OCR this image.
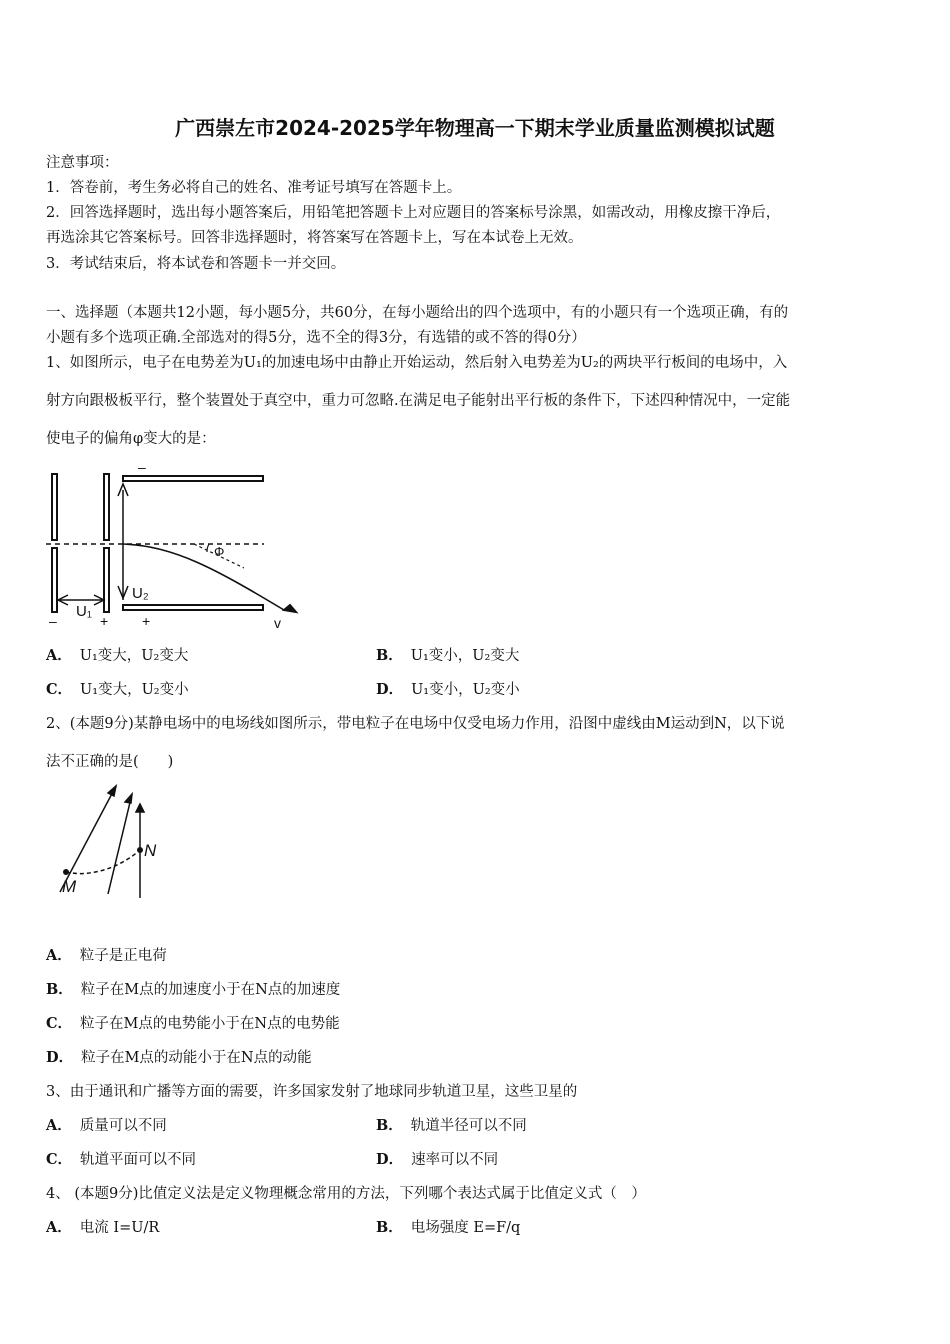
广西崇左市2024-2025学年物理高一下期末学业质量监测模拟试题
注意事项：
1．答卷前，考生务必将自己的姓名、准考证号填写在答题卡上。
2．回答选择题时，选出每小题答案后，用铅笔把答题卡上对应题目的答案标号涂黑，如需改动，用橡皮擦干净后，
再选涂其它答案标号。回答非选择题时，将答案写在答题卡上，写在本试卷上无效。
3．考试结束后，将本试卷和答题卡一并交回。
一、选择题（本题共12小题，每小题5分，共60分，在每小题给出的四个选项中，有的小题只有一个选项正确，有的
小题有多个选项正确.全部选对的得5分，选不全的得3分，有选错的或不答的得0分）
1、如图所示，电子在电势差为U₁的加速电场中由静止开始运动，然后射入电势差为U₂的两块平行板间的电场中，入
射方向跟极板平行，整个装置处于真空中，重力可忽略.在满足电子能射出平行板的条件下，下述四种情况中，一定能
使电子的偏角φ变大的是：
–
–
+ +
U₁
U₂
Φ
v
A． U₁变大，U₂变大	B． U₁变小，U₂变大
C． U₁变大，U₂变小	D． U₁变小，U₂变小
2、(本题9分)某静电场中的电场线如图所示，带电粒子在电场中仅受电场力作用，沿图中虚线由M运动到N，以下说
法不正确的是(　　)
M
N
A． 粒子是正电荷
B． 粒子在M点的加速度小于在N点的加速度
C． 粒子在M点的电势能小于在N点的电势能
D． 粒子在M点的动能小于在N点的动能
3、由于通讯和广播等方面的需要，许多国家发射了地球同步轨道卫星，这些卫星的
A． 质量可以不同	B． 轨道半径可以不同
C． 轨道平面可以不同	D． 速率可以不同
4、 (本题9分)比值定义法是定义物理概念常用的方法，下列哪个表达式属于比值定义式（　）
A． 电流 I=U/R	B． 电场强度 E=F/q
